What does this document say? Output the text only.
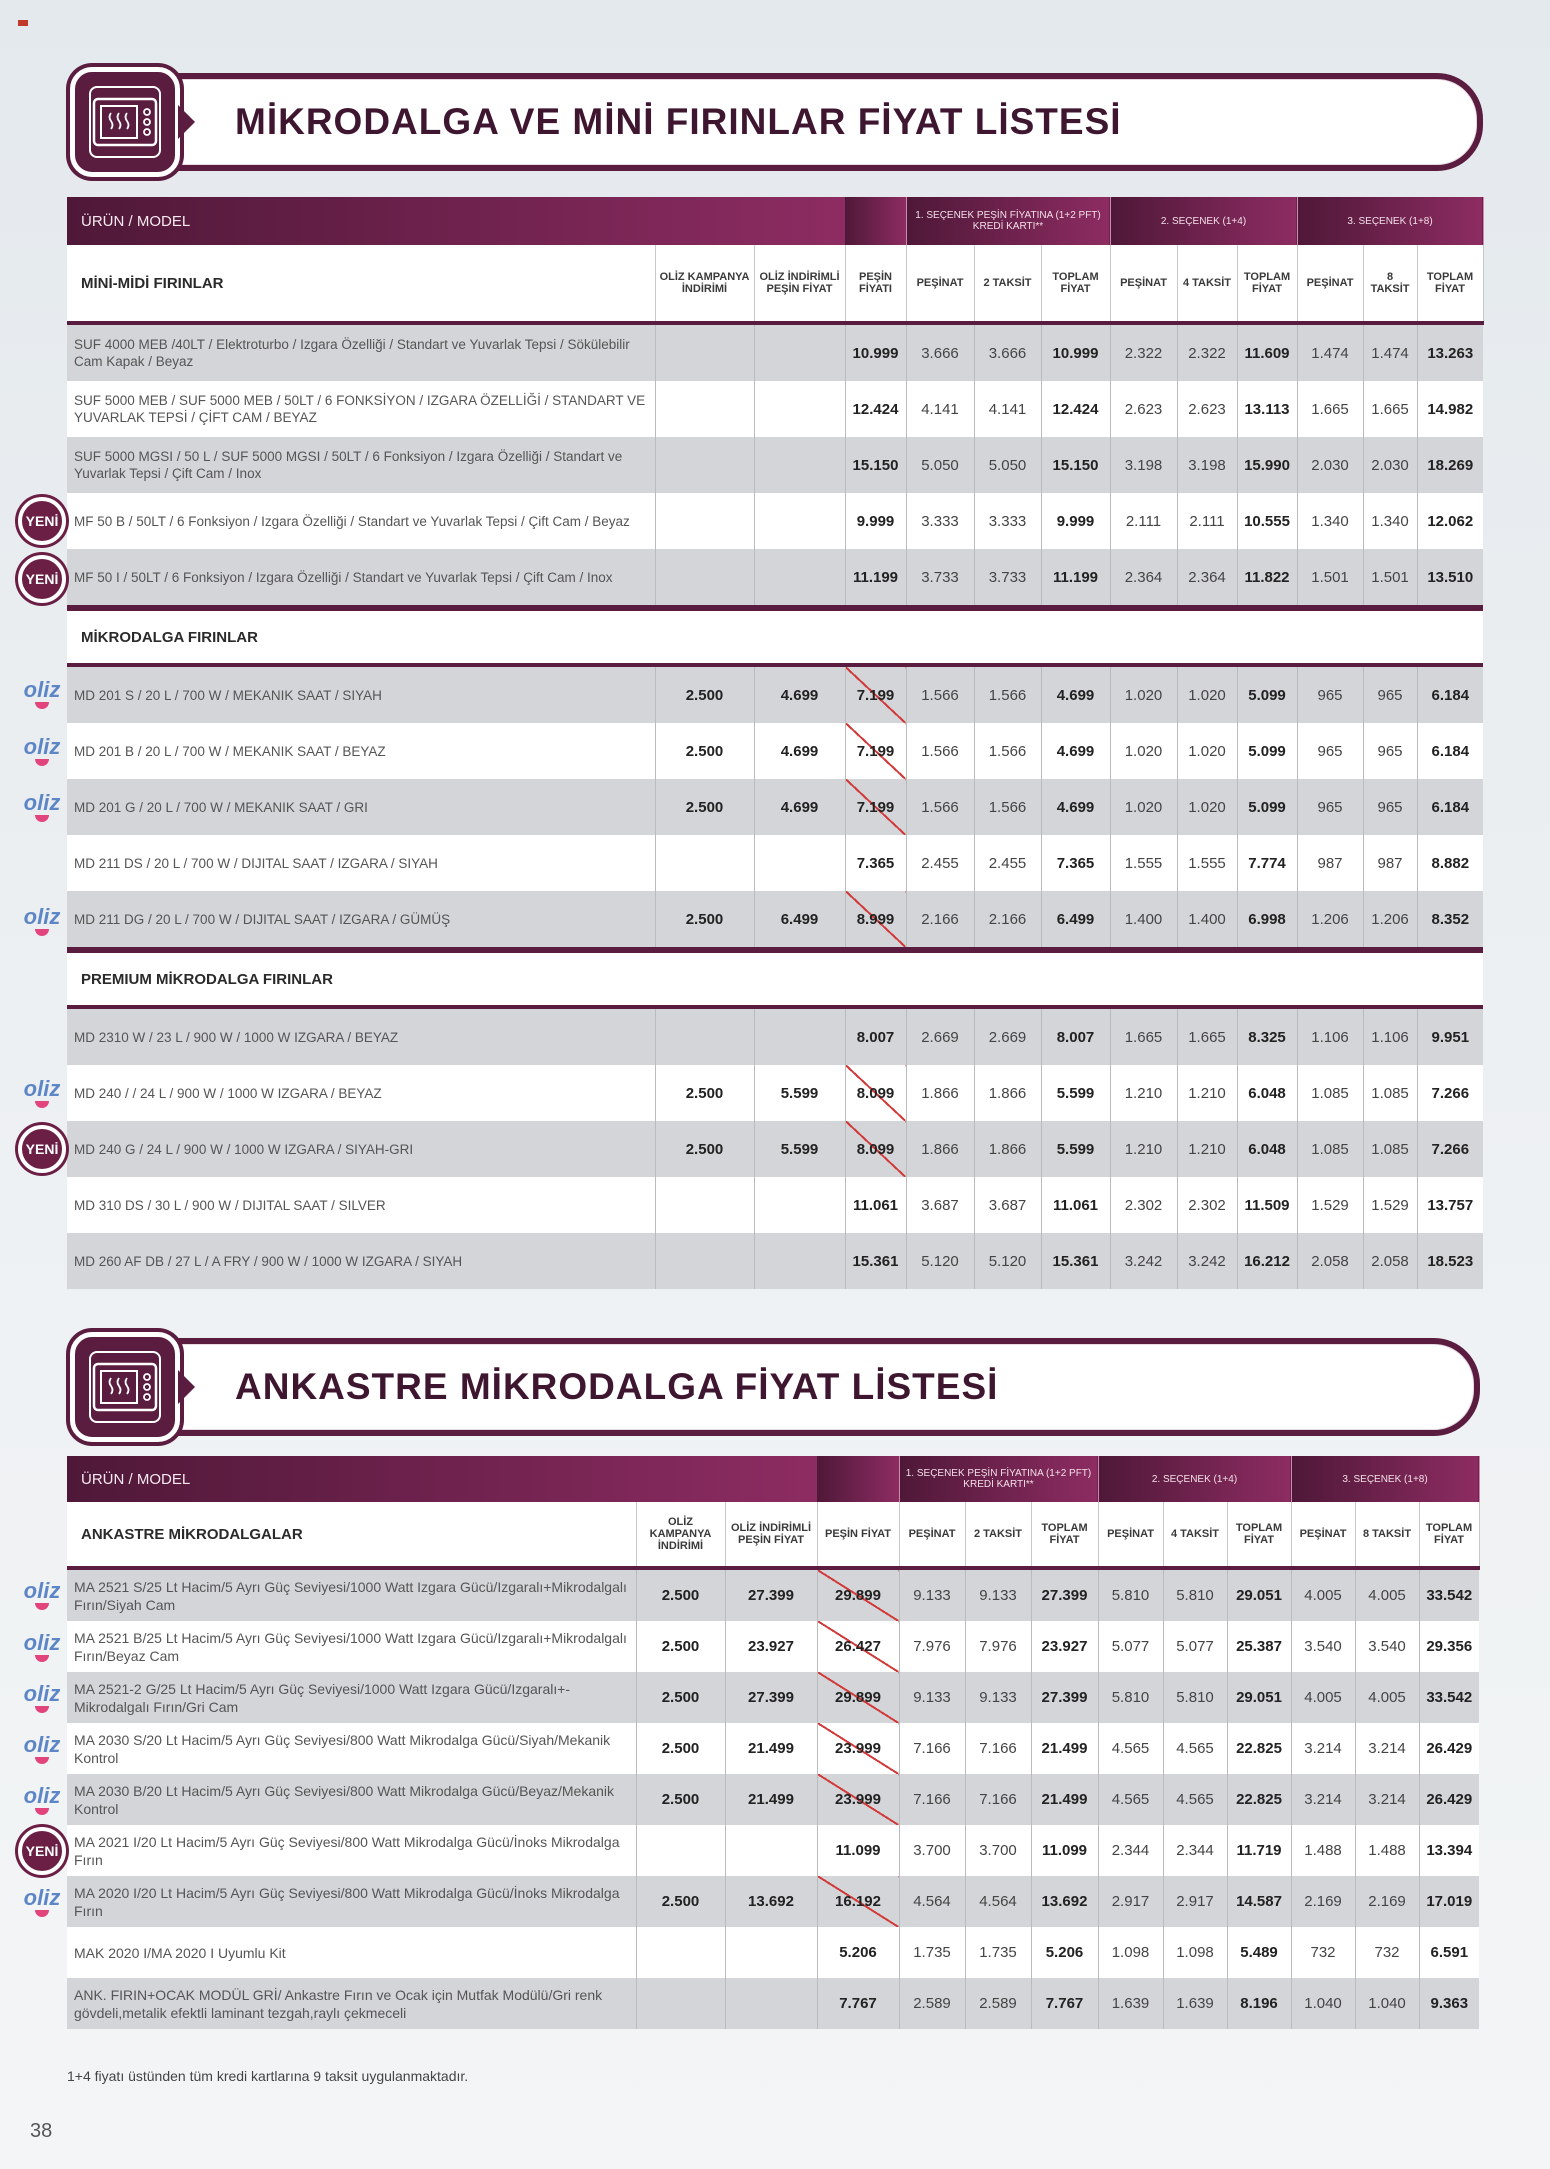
MİKRODALGA VE MİNİ FIRINLAR FİYAT LİSTESİ
ÜRÜN / MODEL				1. SEÇENEK PEŞİN FİYATINA (1+2 PFT) KREDİ KARTI**			2. SEÇENEK (1+4)			3. SEÇENEK (1+8)		
MİNİ-MİDİ FIRINLAR	OLİZ KAMPANYA İNDİRİMİ	OLİZ İNDİRİMLİ PEŞİN FİYAT	PEŞİN FİYATI	PEŞİNAT	2 TAKSİT	TOPLAM FİYAT	PEŞİNAT	4 TAKSİT	TOPLAM FİYAT	PEŞİNAT	8 TAKSİT	TOPLAM FİYAT
SUF 4000 MEB /40LT / Elektroturbo / Izgara Özelliği / Standart ve Yuvarlak Tepsi / Sökülebilir Cam Kapak / Beyaz			10.999	3.666	3.666	10.999	2.322	2.322	11.609	1.474	1.474	13.263
SUF 5000 MEB / SUF 5000 MEB / 50LT / 6 FONKSİYON / IZGARA ÖZELLİĞİ / STANDART VE YUVARLAK TEPSİ / ÇİFT CAM / BEYAZ			12.424	4.141	4.141	12.424	2.623	2.623	13.113	1.665	1.665	14.982
SUF 5000 MGSI / 50 L / SUF 5000 MGSI / 50LT / 6 Fonksiyon / Izgara Özelliği / Standart ve Yuvarlak Tepsi / Çift Cam / Inox			15.150	5.050	5.050	15.150	3.198	3.198	15.990	2.030	2.030	18.269
MF 50 B / 50LT / 6 Fonksiyon / Izgara Özelliği / Standart ve Yuvarlak Tepsi / Çift Cam / Beyaz			9.999	3.333	3.333	9.999	2.111	2.111	10.555	1.340	1.340	12.062
MF 50 I / 50LT / 6 Fonksiyon / Izgara Özelliği / Standart ve Yuvarlak Tepsi / Çift Cam / Inox			11.199	3.733	3.733	11.199	2.364	2.364	11.822	1.501	1.501	13.510
MİKRODALGA FIRINLAR												
MD 201 S / 20 L / 700 W / MEKANIK SAAT / SIYAH	2.500	4.699	7.199	1.566	1.566	4.699	1.020	1.020	5.099	965	965	6.184
MD 201 B / 20 L / 700 W / MEKANIK SAAT / BEYAZ	2.500	4.699	7.199	1.566	1.566	4.699	1.020	1.020	5.099	965	965	6.184
MD 201 G / 20 L / 700 W / MEKANIK SAAT / GRI	2.500	4.699	7.199	1.566	1.566	4.699	1.020	1.020	5.099	965	965	6.184
MD 211 DS / 20 L / 700 W / DIJITAL SAAT / IZGARA / SIYAH			7.365	2.455	2.455	7.365	1.555	1.555	7.774	987	987	8.882
MD 211 DG / 20 L / 700 W / DIJITAL SAAT / IZGARA / GÜMÜŞ	2.500	6.499	8.999	2.166	2.166	6.499	1.400	1.400	6.998	1.206	1.206	8.352
PREMIUM MİKRODALGA FIRINLAR												
MD 2310 W / 23 L / 900 W / 1000 W IZGARA / BEYAZ			8.007	2.669	2.669	8.007	1.665	1.665	8.325	1.106	1.106	9.951
MD 240 / / 24 L / 900 W / 1000 W IZGARA / BEYAZ	2.500	5.599	8.099	1.866	1.866	5.599	1.210	1.210	6.048	1.085	1.085	7.266
MD 240 G / 24 L / 900 W / 1000 W IZGARA / SIYAH-GRI	2.500	5.599	8.099	1.866	1.866	5.599	1.210	1.210	6.048	1.085	1.085	7.266
MD 310 DS / 30 L / 900 W / DIJITAL SAAT / SILVER			11.061	3.687	3.687	11.061	2.302	2.302	11.509	1.529	1.529	13.757
MD 260 AF DB / 27 L / A FRY / 900 W / 1000 W IZGARA / SIYAH			15.361	5.120	5.120	15.361	3.242	3.242	16.212	2.058	2.058	18.523
ANKASTRE MİKRODALGA FİYAT LİSTESİ
ÜRÜN / MODEL				1. SEÇENEK PEŞİN FİYATINA (1+2 PFT) KREDİ KARTI**			2. SEÇENEK (1+4)			3. SEÇENEK (1+8)		
ANKASTRE MİKRODALGALAR	OLİZ KAMPANYA İNDİRİMİ	OLİZ İNDİRİMLİ PEŞİN FİYAT	PEŞİN FİYAT	PEŞİNAT	2 TAKSİT	TOPLAM FİYAT	PEŞİNAT	4 TAKSİT	TOPLAM FİYAT	PEŞİNAT	8 TAKSİT	TOPLAM FİYAT
MA 2521 S/25 Lt Hacim/5 Ayrı Güç Seviyesi/1000 Watt Izgara Gücü/Izgaralı+Mikrodalgalı Fırın/Siyah Cam	2.500	27.399	29.899	9.133	9.133	27.399	5.810	5.810	29.051	4.005	4.005	33.542
MA 2521 B/25 Lt Hacim/5 Ayrı Güç Seviyesi/1000 Watt Izgara Gücü/Izgaralı+Mikrodalgalı Fırın/Beyaz Cam	2.500	23.927	26.427	7.976	7.976	23.927	5.077	5.077	25.387	3.540	3.540	29.356
MA 2521-2 G/25 Lt Hacim/5 Ayrı Güç Seviyesi/1000 Watt Izgara Gücü/Izgaralı+-Mikrodalgalı Fırın/Gri Cam	2.500	27.399	29.899	9.133	9.133	27.399	5.810	5.810	29.051	4.005	4.005	33.542
MA 2030 S/20 Lt Hacim/5 Ayrı Güç Seviyesi/800 Watt Mikrodalga Gücü/Siyah/Mekanik Kontrol	2.500	21.499	23.999	7.166	7.166	21.499	4.565	4.565	22.825	3.214	3.214	26.429
MA 2030 B/20 Lt Hacim/5 Ayrı Güç Seviyesi/800 Watt Mikrodalga Gücü/Beyaz/Mekanik Kontrol	2.500	21.499	23.999	7.166	7.166	21.499	4.565	4.565	22.825	3.214	3.214	26.429
MA 2021 I/20 Lt Hacim/5 Ayrı Güç Seviyesi/800 Watt Mikrodalga Gücü/İnoks Mikrodalga Fırın			11.099	3.700	3.700	11.099	2.344	2.344	11.719	1.488	1.488	13.394
MA 2020 I/20 Lt Hacim/5 Ayrı Güç Seviyesi/800 Watt Mikrodalga Gücü/İnoks Mikrodalga Fırın	2.500	13.692	16.192	4.564	4.564	13.692	2.917	2.917	14.587	2.169	2.169	17.019
MAK 2020 I/MA 2020 I Uyumlu Kit			5.206	1.735	1.735	5.206	1.098	1.098	5.489	732	732	6.591
ANK. FIRIN+OCAK MODÜL GRİ/ Ankastre Fırın ve Ocak için Mutfak Modülü/Gri renk gövdeli,metalik efektli laminant tezgah,raylı çekmeceli			7.767	2.589	2.589	7.767	1.639	1.639	8.196	1.040	1.040	9.363
YENİ
YENİ
oliz
oliz
oliz
oliz
oliz
YENİ
oliz
oliz
oliz
oliz
oliz
YENİ
oliz
1+4 fiyatı üstünden tüm kredi kartlarına 9 taksit uygulanmaktadır.
38
